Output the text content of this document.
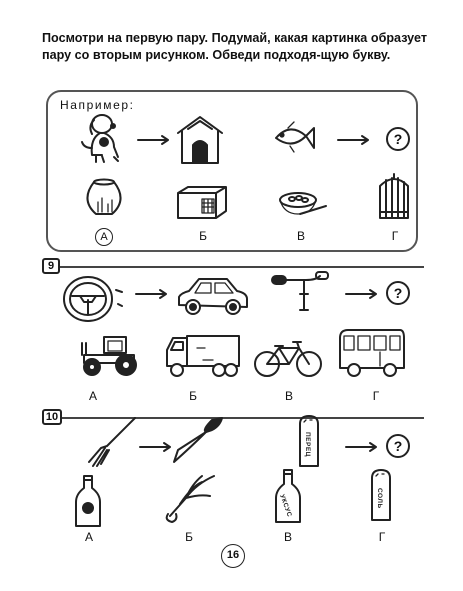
Посмотри на первую пару. Подумай, какая картинка образует пару со вторым рисунком. Обведи подходя-щую букву.
Например:
?
А	Б	В	Г
9
?
А	Б	В	Г
10
ПЕРЕЦ	?
А	Б
УКСУС
В
СОЛЬ
Г
16
